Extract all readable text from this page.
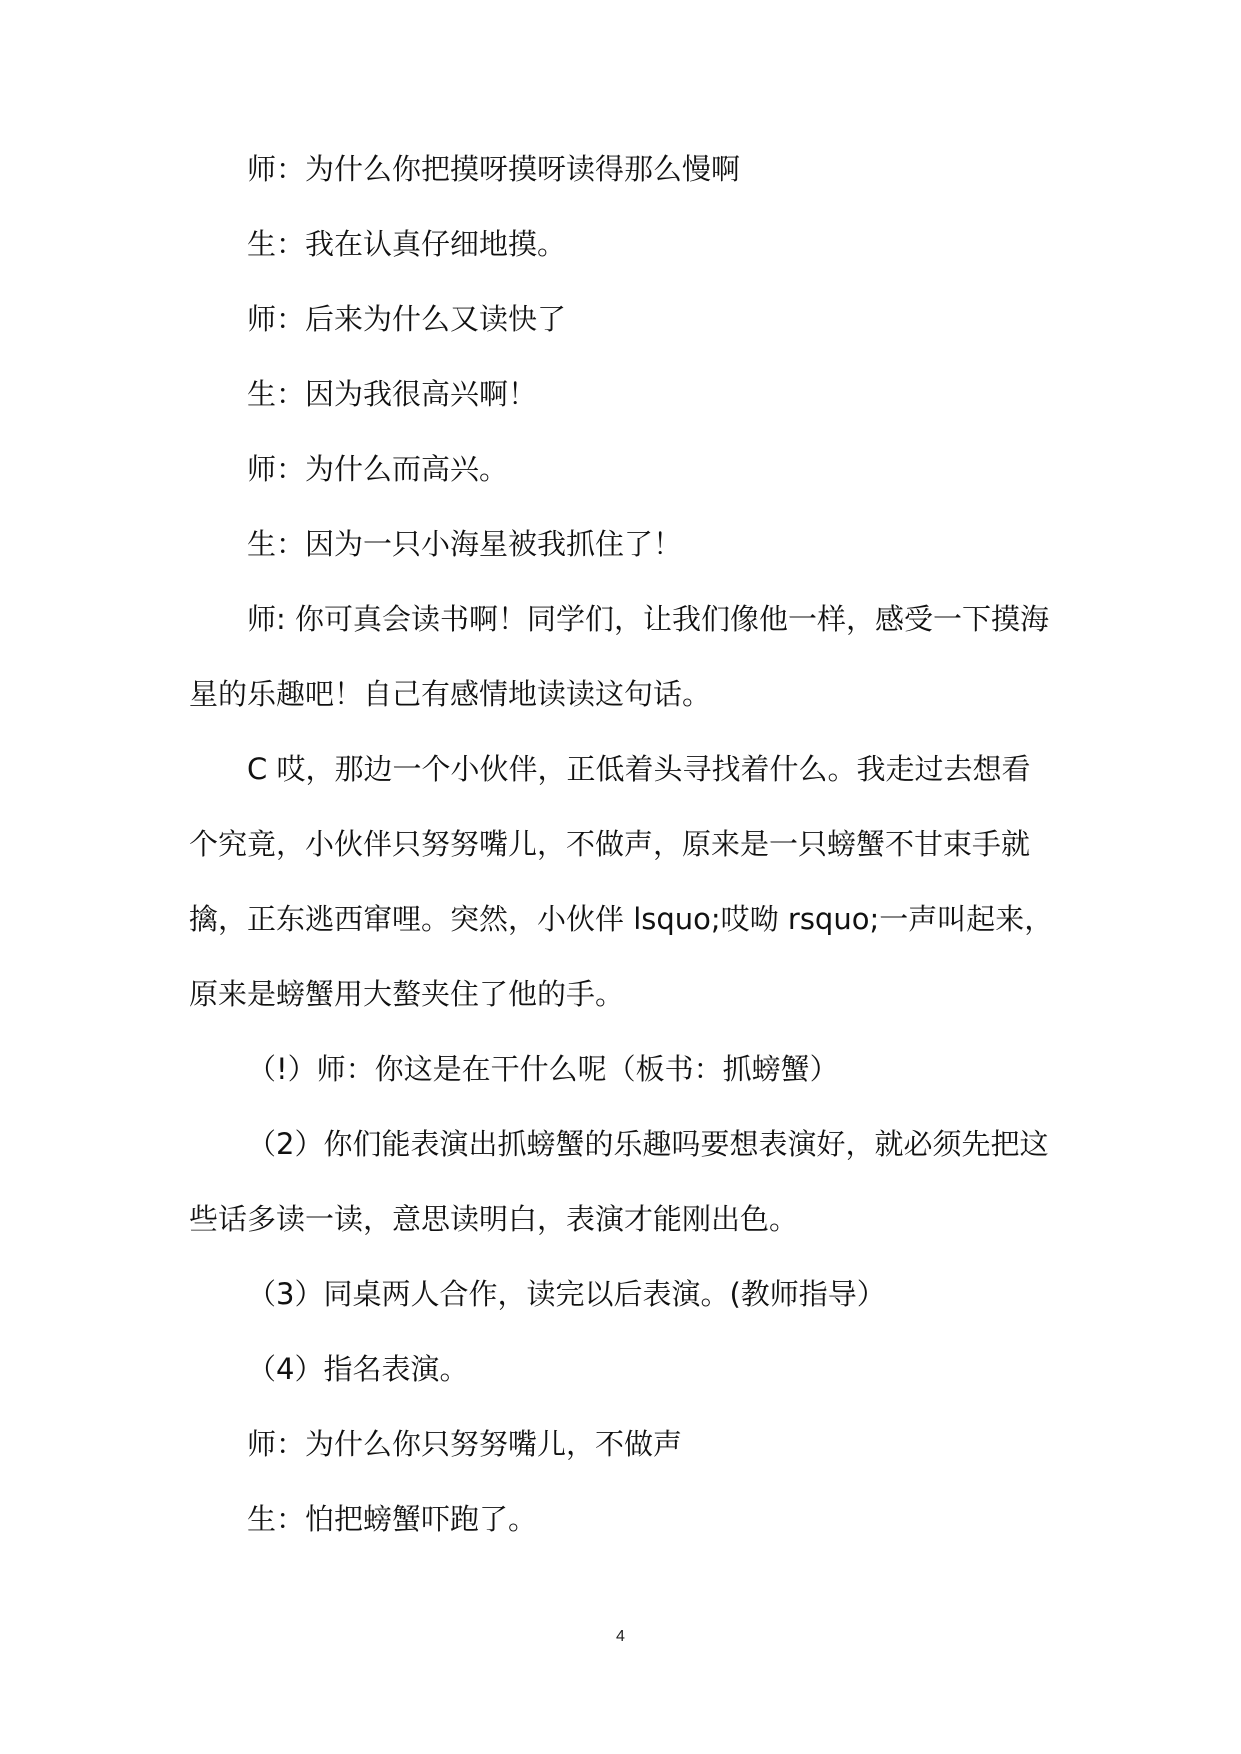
师：为什么你把摸呀摸呀读得那么慢啊

生：我在认真仔细地摸。

师：后来为什么又读快了

生：因为我很高兴啊！

师：为什么而高兴。

生：因为一只小海星被我抓住了！

师: 你可真会读书啊！同学们，让我们像他一样，感受一下摸海星的乐趣吧！自己有感情地读读这句话。

C 哎，那边一个小伙伴，正低着头寻找着什么。我走过去想看个究竟，小伙伴只努努嘴儿，不做声，原来是一只螃蟹不甘束手就擒，正东逃西窜哩。突然，小伙伴 lsquo;哎呦 rsquo;一声叫起来，原来是螃蟹用大螯夹住了他的手。

（!）师：你这是在干什么呢（板书：抓螃蟹）

（2）你们能表演出抓螃蟹的乐趣吗要想表演好，就必须先把这些话多读一读，意思读明白，表演才能刚出色。

（3）同桌两人合作，读完以后表演。(教师指导）

（4）指名表演。

师：为什么你只努努嘴儿，不做声

生：怕把螃蟹吓跑了。

4
